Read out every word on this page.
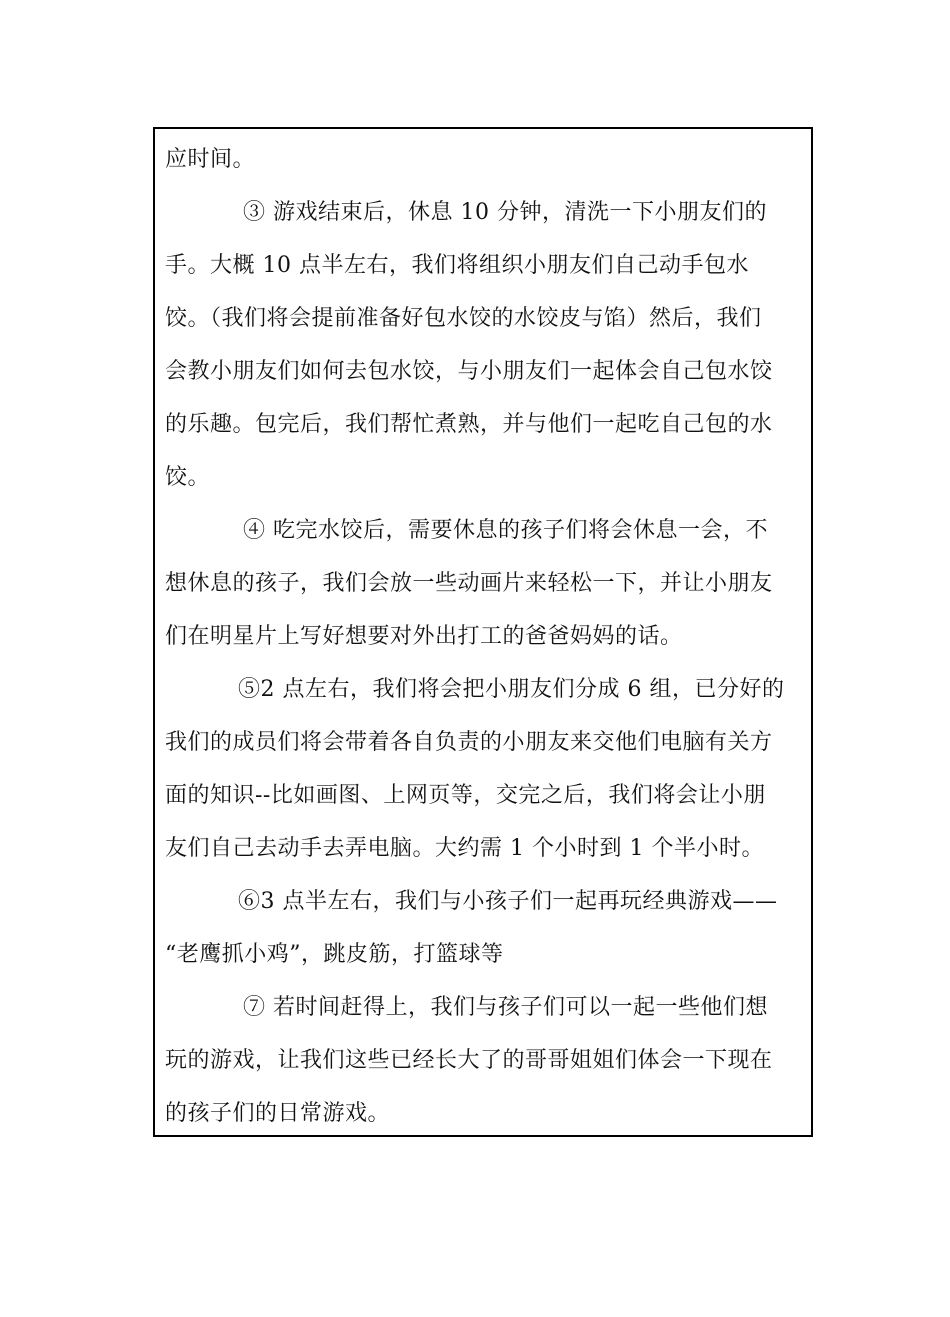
应时间。
③ 游戏结束后，休息 10 分钟，清洗一下小朋友们的
手。大概 10 点半左右，我们将组织小朋友们自己动手包水
饺。（我们将会提前准备好包水饺的水饺皮与馅）然后，我们
会教小朋友们如何去包水饺，与小朋友们一起体会自己包水饺
的乐趣。包完后，我们帮忙煮熟，并与他们一起吃自己包的水
饺。
④ 吃完水饺后，需要休息的孩子们将会休息一会，不
想休息的孩子，我们会放一些动画片来轻松一下，并让小朋友
们在明星片上写好想要对外出打工的爸爸妈妈的话。
⑤2 点左右，我们将会把小朋友们分成 6 组，已分好的
我们的成员们将会带着各自负责的小朋友来交他们电脑有关方
面的知识--比如画图、上网页等，交完之后，我们将会让小朋
友们自己去动手去弄电脑。大约需 1 个小时到 1 个半小时。
⑥3 点半左右，我们与小孩子们一起再玩经典游戏——
“老鹰抓小鸡”，跳皮筋，打篮球等
⑦ 若时间赶得上，我们与孩子们可以一起一些他们想
玩的游戏，让我们这些已经长大了的哥哥姐姐们体会一下现在
的孩子们的日常游戏。
